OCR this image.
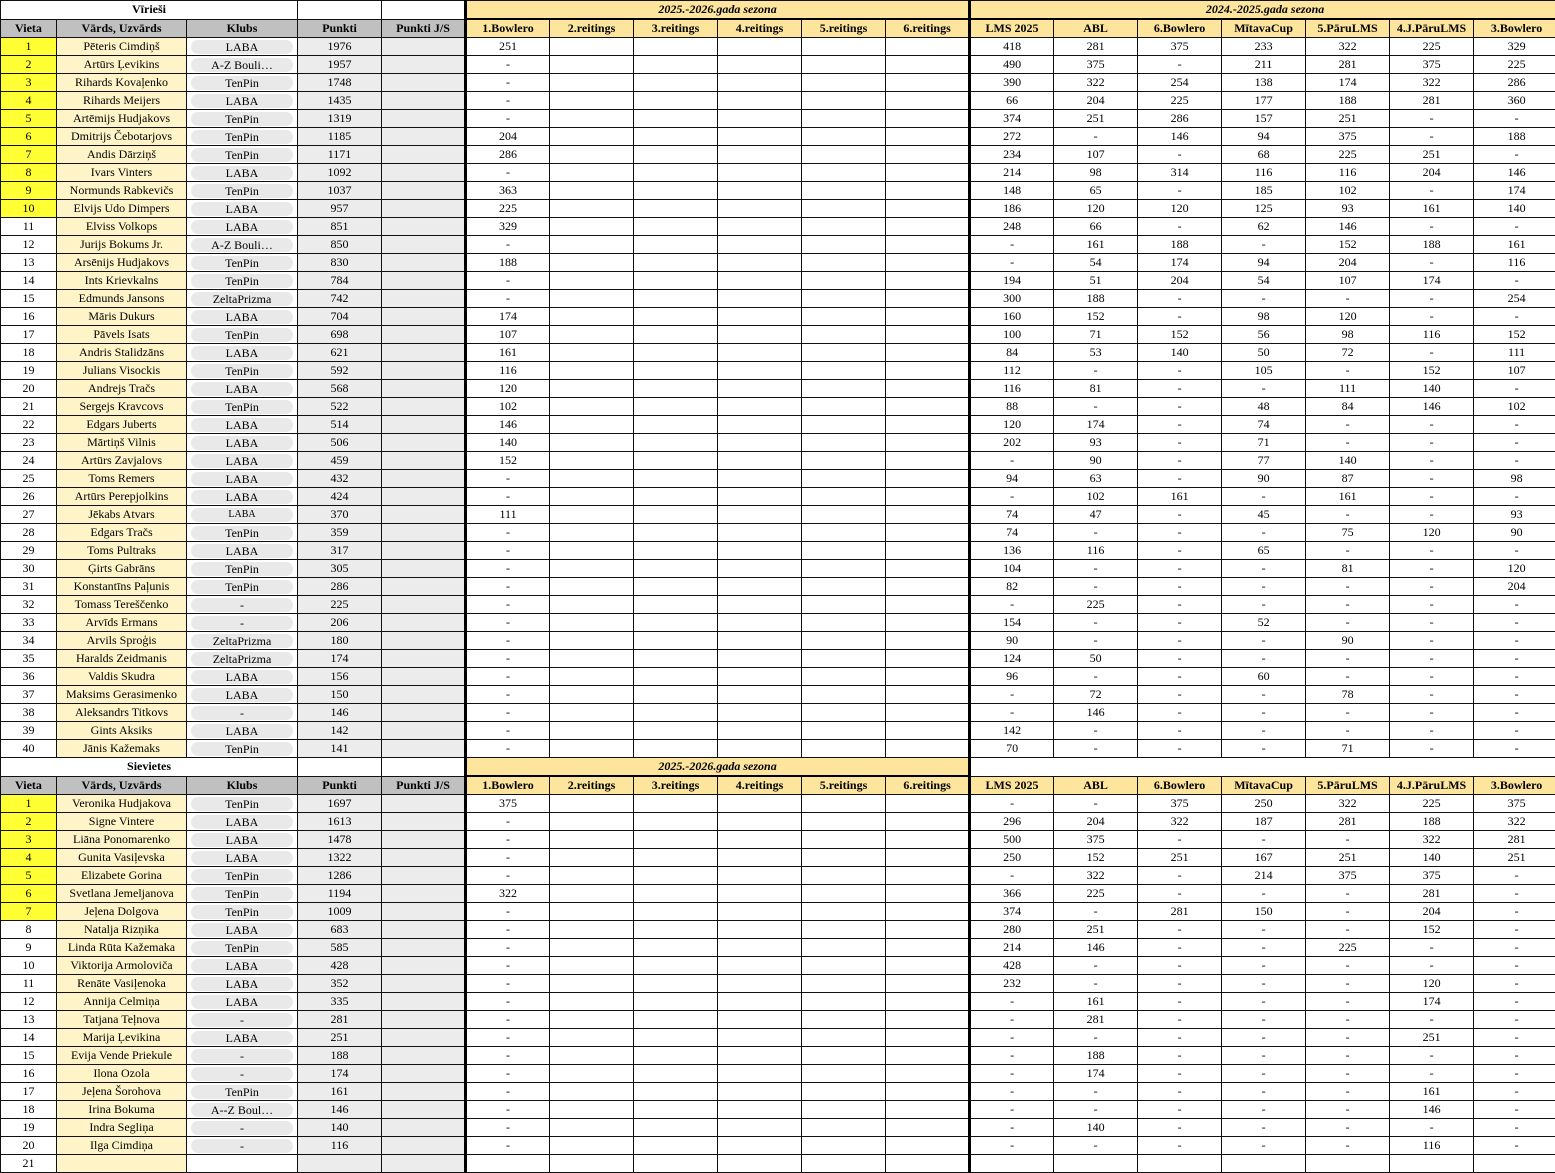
Vīrieši					2025.-2026.gada sezona						2024.-2025.gada sezona						
Vieta	Vārds, Uzvārds	Klubs	Punkti	Punkti J/S	1.Bowlero	2.reitings	3.reitings	4.reitings	5.reitings	6.reitings	LMS 2025	ABL	6.Bowlero	MītavaCup	5.PāruLMS	4.J.PāruLMS	3.Bowlero
1	Pēteris Cimdiņš	LABA	1976		251						418	281	375	233	322	225	329
2	Artūrs Ļevikins	A-Z Bouli…	1957		-						490	375	-	211	281	375	225
3	Rihards Kovaļenko	TenPin	1748		-						390	322	254	138	174	322	286
4	Rihards Meijers	LABA	1435		-						66	204	225	177	188	281	360
5	Artēmijs Hudjakovs	TenPin	1319		-						374	251	286	157	251	-	-
6	Dmitrijs Čebotarjovs	TenPin	1185		204						272	-	146	94	375	-	188
7	Andis Dārziņš	TenPin	1171		286						234	107	-	68	225	251	-
8	Ivars Vinters	LABA	1092		-						214	98	314	116	116	204	146
9	Normunds Rabkevičs	TenPin	1037		363						148	65	-	185	102	-	174
10	Elvijs Udo Dimpers	LABA	957		225						186	120	120	125	93	161	140
11	Elviss Volkops	LABA	851		329						248	66	-	62	146	-	-
12	Jurijs Bokums Jr.	A-Z Bouli…	850		-						-	161	188	-	152	188	161
13	Arsēnijs Hudjakovs	TenPin	830		188						-	54	174	94	204	-	116
14	Ints Krievkalns	TenPin	784		-						194	51	204	54	107	174	-
15	Edmunds Jansons	ZeltaPrizma	742		-						300	188	-	-	-	-	254
16	Māris Dukurs	LABA	704		174						160	152	-	98	120	-	-
17	Pāvels Isats	TenPin	698		107						100	71	152	56	98	116	152
18	Andris Stalidzāns	LABA	621		161						84	53	140	50	72	-	111
19	Julians Visockis	TenPin	592		116						112	-	-	105	-	152	107
20	Andrejs Tračs	LABA	568		120						116	81	-	-	111	140	-
21	Sergejs Kravcovs	TenPin	522		102						88	-	-	48	84	146	102
22	Edgars Juberts	LABA	514		146						120	174	-	74	-	-	-
23	Mārtiņš Vilnis	LABA	506		140						202	93	-	71	-	-	-
24	Artūrs Zavjalovs	LABA	459		152						-	90	-	77	140	-	-
25	Toms Remers	LABA	432		-						94	63	-	90	87	-	98
26	Artūrs Perepjolkins	LABA	424		-						-	102	161	-	161	-	-
27	Jēkabs Atvars	LABA	370		111						74	47	-	45	-	-	93
28	Edgars Tračs	TenPin	359		-						74	-	-	-	75	120	90
29	Toms Pultraks	LABA	317		-						136	116	-	65	-	-	-
30	Ģirts Gabrāns	TenPin	305		-						104	-	-	-	81	-	120
31	Konstantīns Paļunis	TenPin	286		-						82	-	-	-	-	-	204
32	Tomass Tereščenko	-	225		-						-	225	-	-	-	-	-
33	Arvīds Ermans	-	206		-						154	-	-	52	-	-	-
34	Arvils Sproģis	ZeltaPrizma	180		-						90	-	-	-	90	-	-
35	Haralds Zeidmanis	ZeltaPrizma	174		-						124	50	-	-	-	-	-
36	Valdis Skudra	LABA	156		-						96	-	-	60	-	-	-
37	Maksims Gerasimenko	LABA	150		-						-	72	-	-	78	-	-
38	Aleksandrs Titkovs	-	146		-						-	146	-	-	-	-	-
39	Gints Aksiks	LABA	142		-						142	-	-	-	-	-	-
40	Jānis Kažemaks	TenPin	141		-						70	-	-	-	71	-	-
Sievietes					2025.-2026.gada sezona												
Vieta	Vārds, Uzvārds	Klubs	Punkti	Punkti J/S	1.Bowlero	2.reitings	3.reitings	4.reitings	5.reitings	6.reitings	LMS 2025	ABL	6.Bowlero	MītavaCup	5.PāruLMS	4.J.PāruLMS	3.Bowlero
1	Veronika Hudjakova	TenPin	1697		375						-	-	375	250	322	225	375
2	Signe Vintere	LABA	1613		-						296	204	322	187	281	188	322
3	Liāna Ponomarenko	LABA	1478		-						500	375	-	-	-	322	281
4	Gunita Vasiļevska	LABA	1322		-						250	152	251	167	251	140	251
5	Elizabete Gorina	TenPin	1286		-						-	322	-	214	375	375	-
6	Svetlana Jemeljanova	TenPin	1194		322						366	225	-	-	-	281	-
7	Jeļena Dolgova	TenPin	1009		-						374	-	281	150	-	204	-
8	Natalja Rizņika	LABA	683		-						280	251	-	-	-	152	-
9	Linda Rūta Kažemaka	TenPin	585		-						214	146	-	-	225	-	-
10	Viktorija Armoloviča	LABA	428		-						428	-	-	-	-	-	-
11	Renāte Vasiļenoka	LABA	352		-						232	-	-	-	-	120	-
12	Annija Celmiņa	LABA	335		-						-	161	-	-	-	174	-
13	Tatjana Teļnova	-	281		-						-	281	-	-	-	-	-
14	Marija Ļevikina	LABA	251		-						-	-	-	-	-	251	-
15	Evija Vende Priekule	-	188		-						-	188	-	-	-	-	-
16	Ilona Ozola	-	174		-						-	174	-	-	-	-	-
17	Jeļena Šorohova	TenPin	161		-						-	-	-	-	-	161	-
18	Irina Bokuma	A--Z Boul…	146		-						-	-	-	-	-	146	-
19	Indra Segliņa	-	140		-						-	140	-	-	-	-	-
20	Ilga Cimdiņa	-	116		-						-	-	-	-	-	116	-
21																	
